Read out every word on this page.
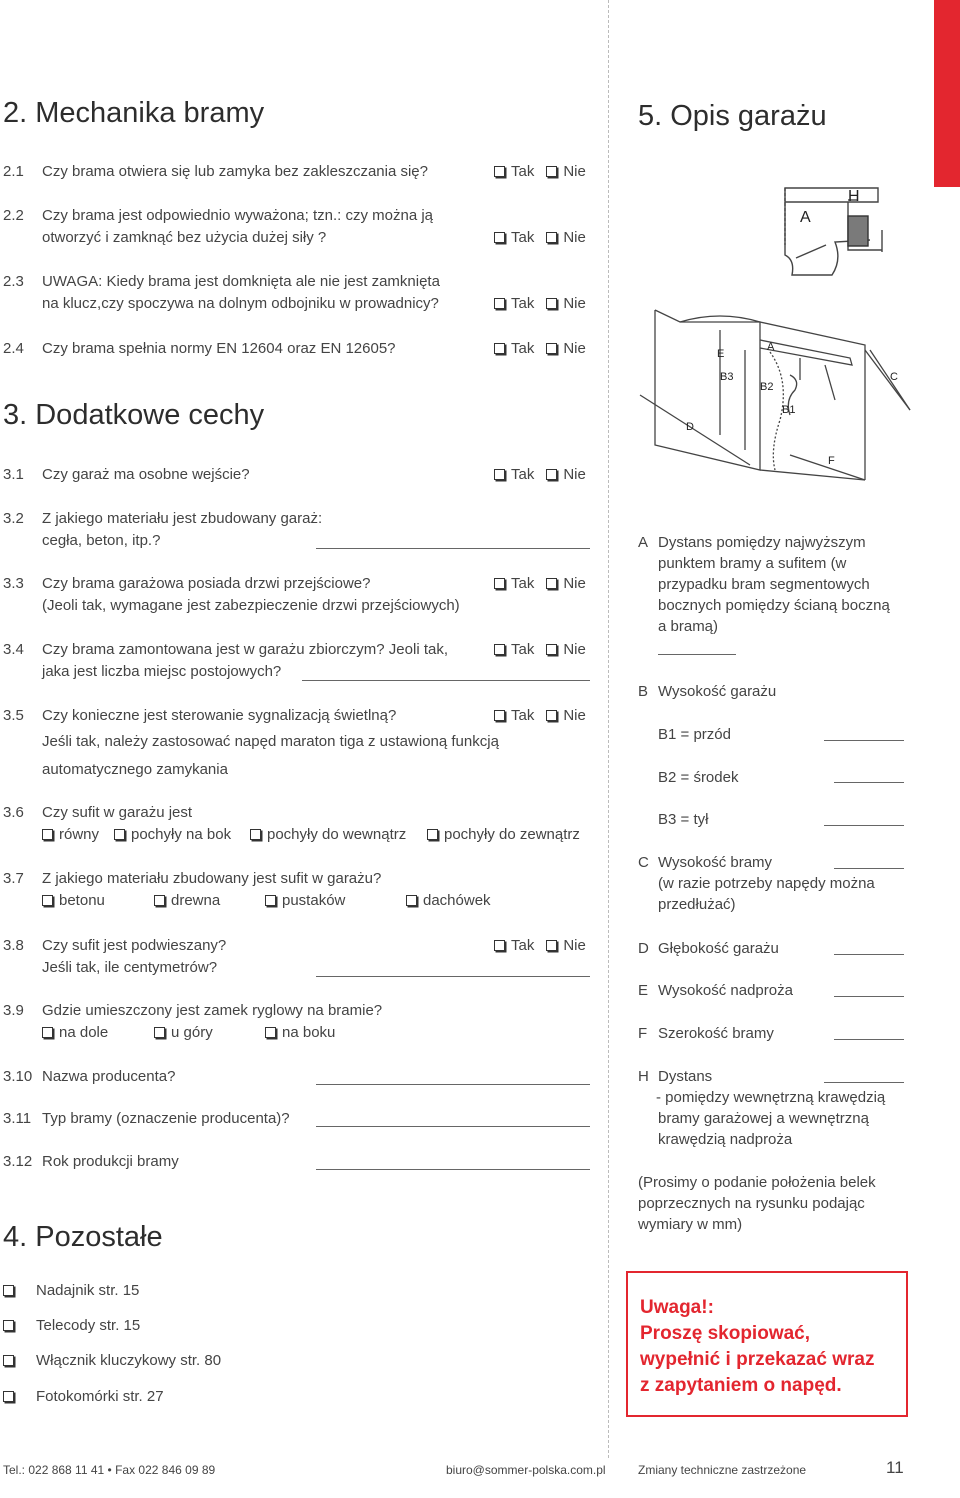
2. Mechanika bramy
2.1 Czy brama otwiera się lub zamyka bez zakleszczania się?	Tak Nie
2.2 Czy brama jest odpowiednio wyważona; tzn.: czy można ją
otworzyć i zamknąć bez użycia dużej siły ?	Tak Nie
2.3 UWAGA: Kiedy brama jest domknięta ale nie jest zamknięta
na klucz,czy spoczywa na dolnym odbojniku w prowadnicy?	Tak Nie
2.4 Czy brama spełnia normy EN 12604 oraz EN 12605?	Tak Nie
3. Dodatkowe cechy
3.1 Czy garaż ma osobne wejście?	Tak Nie
3.2 Z jakiego materiału jest zbudowany garaż:
cegła, beton, itp.?
3.3 Czy brama garażowa posiada drzwi przejściowe?
(Jeoli tak, wymagane jest zabezpieczenie drzwi przejściowych)
Tak Nie
3.4 Czy brama zamontowana jest w garażu zbiorczym? Jeoli tak,
jaka jest liczba miejsc postojowych?
Tak Nie
3.5 Czy konieczne jest sterowanie sygnalizacją świetlną?	Tak Nie
Jeśli tak, należy zastosować napęd maraton tiga z ustawioną funkcją
automatycznego zamykania
3.6 Czy sufit w garażu jest
równy	pochyły na bok	pochyły do wewnątrz	pochyły do zewnątrz
3.7 Z jakiego materiału zbudowany jest sufit w garażu?
betonu	drewna	pustaków	dachówek
3.8 Czy sufit jest podwieszany?
Jeśli tak, ile centymetrów?
Tak Nie
3.9 Gdzie umieszczony jest zamek ryglowy na bramie?
na dole	u góry	na boku
3.10 Nazwa producenta?
3.11 Typ bramy (oznaczenie producenta)?
3.12 Rok produkcji bramy
4. Pozostałe
Nadajnik str. 15
Telecody str. 15
Włącznik kluczykowy str. 80
Fotokomórki str. 27
5. Opis garażu
A
H
B3
B2
B1
C
D
E
F
A
A Dystans pomiędzy najwyższym
punktem bramy a sufitem (w
przypadku bram segmentowych
bocznych pomiędzy ścianą boczną
a bramą)
B Wysokość garażu
B1 = przód
B2 = środek
B3 = tył
C Wysokość bramy
(w razie potrzeby napędy można
przedłużać)
D Głębokość garażu
E Wysokość nadproża
F Szerokość bramy
H Dystans
- pomiędzy wewnętrzną krawędzią
bramy garażowej a wewnętrzną
krawędzią nadproża
(Prosimy o podanie położenia belek
poprzecznych na rysunku podając
wymiary w mm)
Uwaga!:
Proszę skopiować,
wypełnić i przekazać wraz
z zapytaniem o napęd.
Tel.: 022 868 11 41 • Fax 022 846 09 89	biuro@sommer-polska.com.pl	Zmiany techniczne zastrzeżone	11
